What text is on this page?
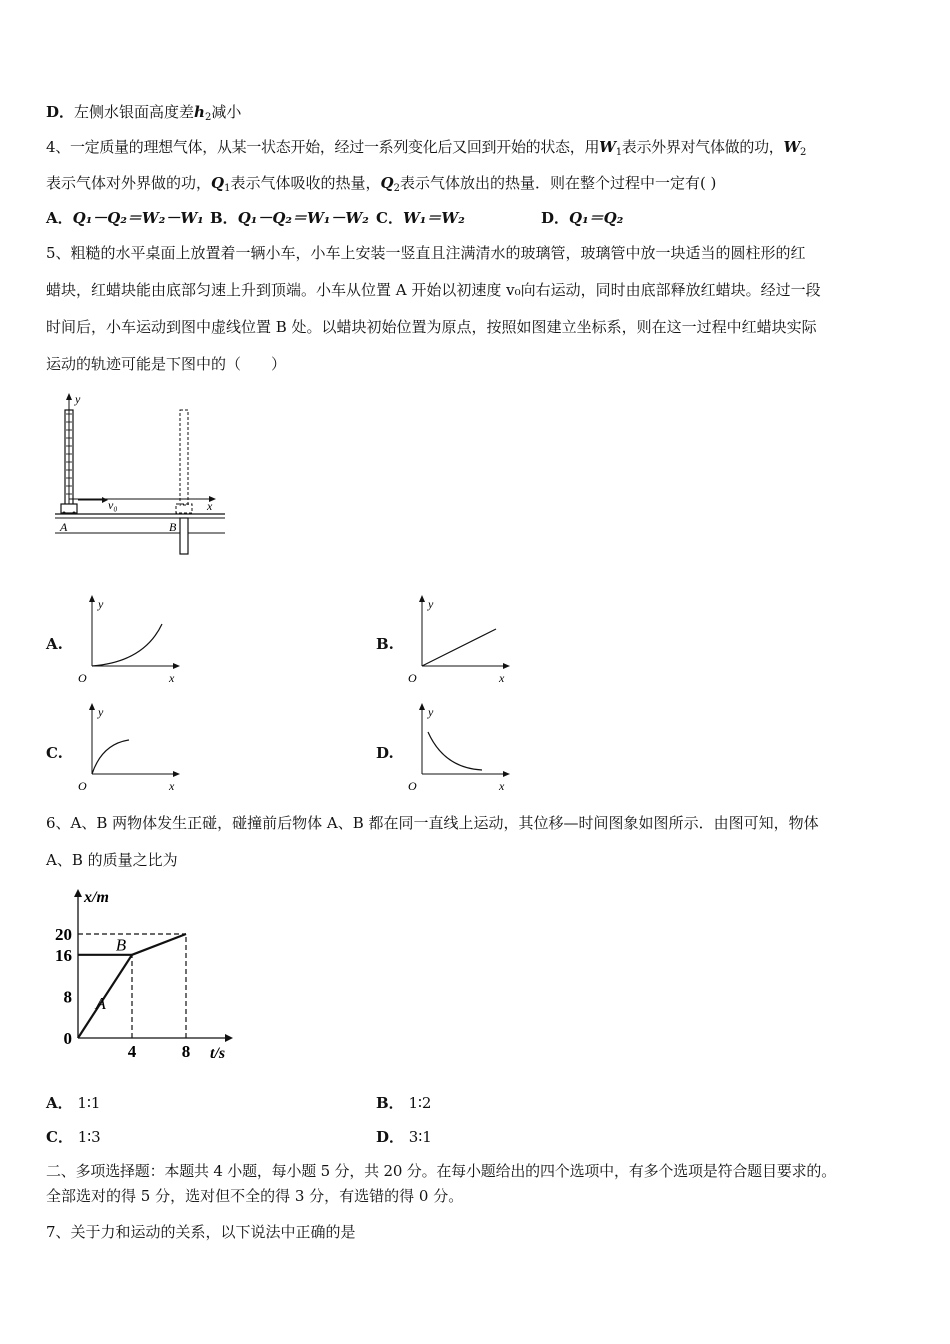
D．左侧水银面高度差$h_2$减小
4、一定质量的理想气体，从某一状态开始，经过一系列变化后又回到开始的状态，用$W_1$表示外界对气体做的功，$W_2$
表示气体对外界做的功，$Q_1$表示气体吸收的热量，$Q_2$表示气体放出的热量．则在整个过程中一定有( )
A．Q₁－Q₂＝W₂－W₁ B．Q₁－Q₂＝W₁－W₂ C．W₁＝W₂	D．Q₁＝Q₂
5、粗糙的水平桌面上放置着一辆小车，小车上安装一竖直且注满清水的玻璃管，玻璃管中放一块适当的圆柱形的红
蜡块，红蜡块能由底部匀速上升到顶端。小车从位置 A 开始以初速度 v₀向右运动，同时由底部释放红蜡块。经过一段
时间后，小车运动到图中虚线位置 B 处。以蜡块初始位置为原点，按照如图建立坐标系，则在这一过程中红蜡块实际
运动的轨迹可能是下图中的（　　）
y
x
v₀
A	B
A.
y
x
O
B.
y
x
O
C.
y
x
O
D.
y
x
O
6、A、B 两物体发生正碰，碰撞前后物体 A、B 都在同一直线上运动，其位移—时间图象如图所示．由图可知，物体
A、B 的质量之比为
x/m
t/s
0
8
16
20
4	8
A
B
A． 1∶1	B． 1∶2
C． 1∶3	D． 3∶1
二、多项选择题：本题共 4 小题，每小题 5 分，共 20 分。在每小题给出的四个选项中，有多个选项是符合题目要求的。
全部选对的得 5 分，选对但不全的得 3 分，有选错的得 0 分。
7、关于力和运动的关系，以下说法中正确的是
